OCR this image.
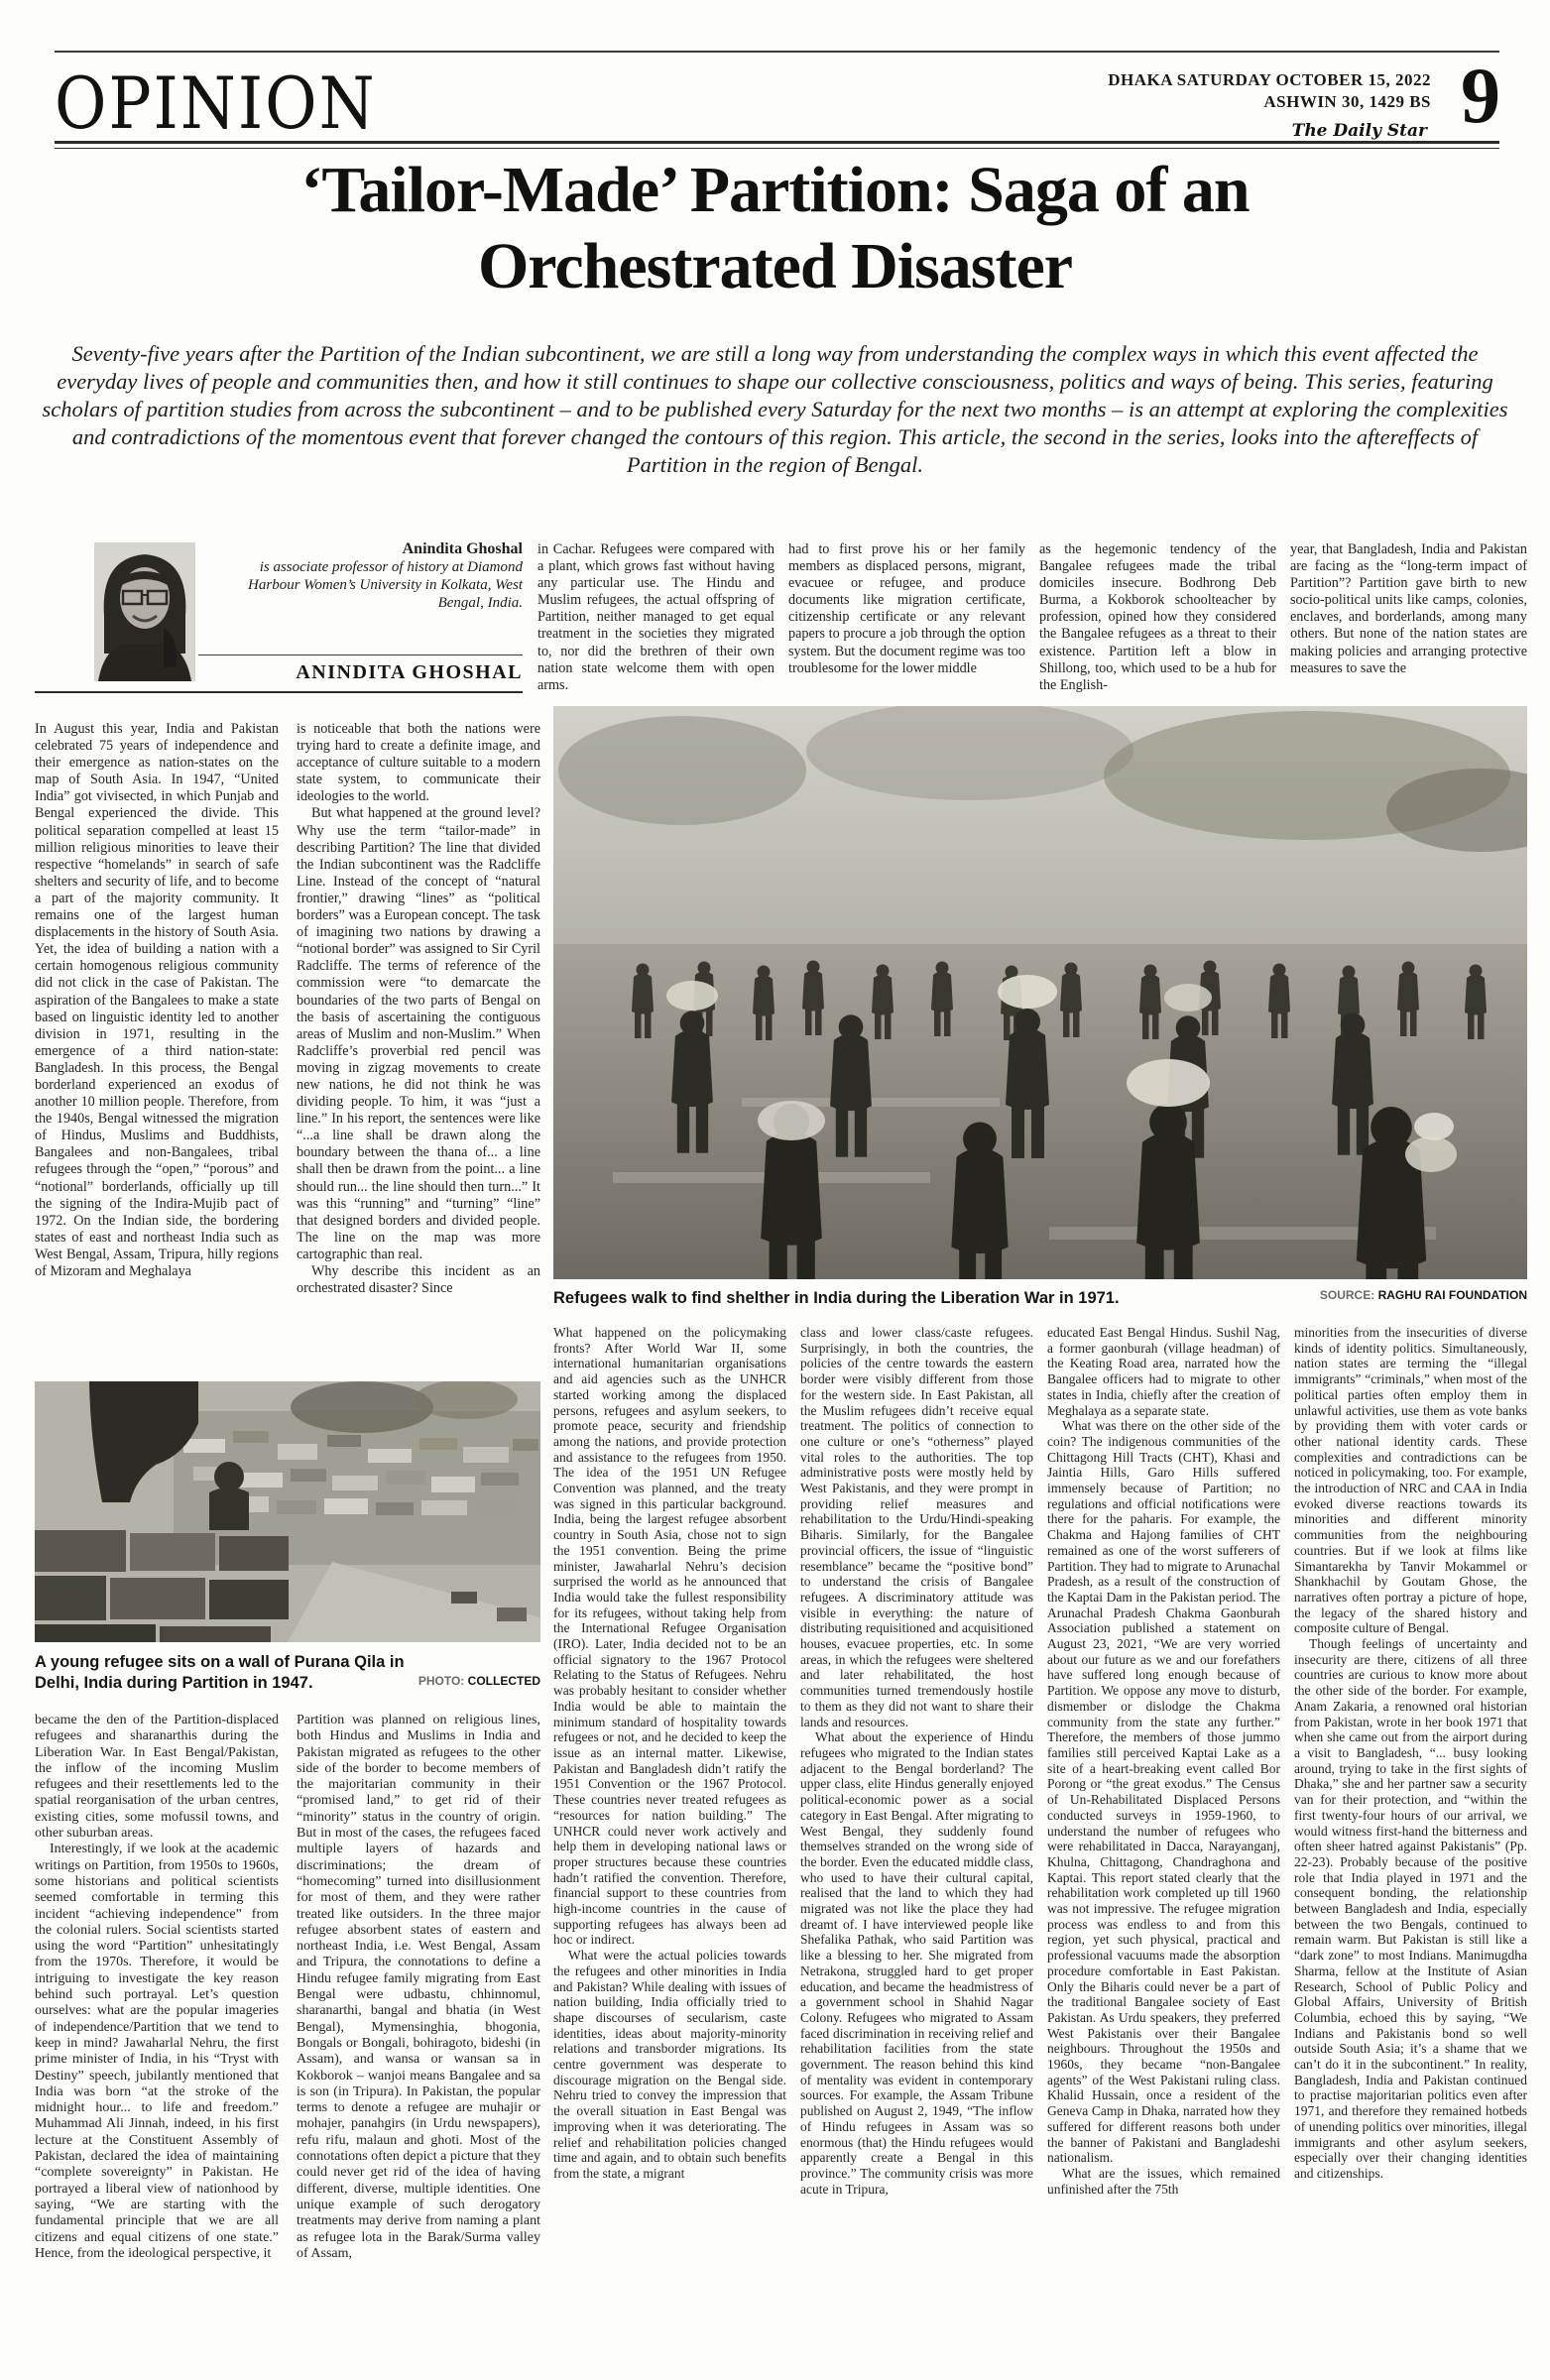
OPINION	DHAKA SATURDAY OCTOBER 15, 2022
ASHWIN 30, 1429 BS 9
The Daily Star
‘Tailor-Made’ Partition: Saga of an
Orchestrated Disaster
Seventy-five years after the Partition of the Indian subcontinent, we are still a long way from understanding the complex ways in which this event affected the everyday lives of people and communities then, and how it still continues to shape our collective consciousness, politics and ways of being. This series, featuring scholars of partition studies from across the subcontinent – and to be published every Saturday for the next two months – is an attempt at exploring the complexities and contradictions of the momentous event that forever changed the contours of this region. This article, the second in the series, looks into the aftereffects of Partition in the region of Bengal.
Anindita Ghoshal
is associate professor of history at Diamond Harbour Women’s University in Kolkata, West Bengal, India.
ANINDITA GHOSHAL

in Cachar. Refugees were compared with a plant, which grows fast without having any particular use. The Hindu and Muslim refugees, the actual offspring of Partition, neither managed to get equal treatment in the societies they migrated to, nor did the brethren of their own nation state welcome them with open arms.

had to first prove his or her family members as displaced persons, migrant, evacuee or refugee, and produce documents like migration certificate, citizenship certificate or any relevant papers to procure a job through the option system. But the document regime was too troublesome for the lower middle

as the hegemonic tendency of the Bangalee refugees made the tribal domiciles insecure. Bodhrong Deb Burma, a Kokborok schoolteacher by profession, opined how they considered the Bangalee refugees as a threat to their existence. Partition left a blow in Shillong, too, which used to be a hub for the English-

year, that Bangladesh, India and Pakistan are facing as the “long-term impact of Partition”? Partition gave birth to new socio-political units like camps, colonies, enclaves, and borderlands, among many others. But none of the nation states are making policies and arranging protective measures to save the

Refugees walk to find shelther in India during the Liberation War in 1971.	SOURCE: RAGHU RAI FOUNDATION

What happened on the policymaking fronts? After World War II, some international humanitarian organisations and aid agencies such as the UNHCR started working among the displaced persons, refugees and asylum seekers, to promote peace, security and friendship among the nations, and provide protection and assistance to the refugees from 1950. The idea of the 1951 UN Refugee Convention was planned, and the treaty was signed in this particular background. India, being the largest refugee absorbent country in South Asia, chose not to sign the 1951 convention. Being the prime minister, Jawaharlal Nehru’s decision surprised the world as he announced that India would take the fullest responsibility for its refugees, without taking help from the International Refugee Organisation (IRO). Later, India decided not to be an official signatory to the 1967 Protocol Relating to the Status of Refugees. Nehru was probably hesitant to consider whether India would be able to maintain the minimum standard of hospitality towards refugees or not, and he decided to keep the issue as an internal matter. Likewise, Pakistan and Bangladesh didn’t ratify the 1951 Convention or the 1967 Protocol. These countries never treated refugees as “resources for nation building.” The UNHCR could never work actively and help them in developing national laws or proper structures because these countries hadn’t ratified the convention. Therefore, financial support to these countries from high-income countries in the cause of supporting refugees has always been ad hoc or indirect.

What were the actual policies towards the refugees and other minorities in India and Pakistan? While dealing with issues of nation building, India officially tried to shape discourses of secularism, caste identities, ideas about majority-minority relations and transborder migrations. Its centre government was desperate to discourage migration on the Bengal side. Nehru tried to convey the impression that the overall situation in East Bengal was improving when it was deteriorating. The relief and rehabilitation policies changed time and again, and to obtain such benefits from the state, a migrant

class and lower class/caste refugees. Surprisingly, in both the countries, the policies of the centre towards the eastern border were visibly different from those for the western side. In East Pakistan, all the Muslim refugees didn’t receive equal treatment. The politics of connection to one culture or one’s “otherness” played vital roles to the authorities. The top administrative posts were mostly held by West Pakistanis, and they were prompt in providing relief measures and rehabilitation to the Urdu/Hindi-speaking Biharis. Similarly, for the Bangalee provincial officers, the issue of “linguistic resemblance” became the “positive bond” to understand the crisis of Bangalee refugees. A discriminatory attitude was visible in everything: the nature of distributing requisitioned and acquisitioned houses, evacuee properties, etc. In some areas, in which the refugees were sheltered and later rehabilitated, the host communities turned tremendously hostile to them as they did not want to share their lands and resources.

What about the experience of Hindu refugees who migrated to the Indian states adjacent to the Bengal borderland? The upper class, elite Hindus generally enjoyed political-economic power as a social category in East Bengal. After migrating to West Bengal, they suddenly found themselves stranded on the wrong side of the border. Even the educated middle class, who used to have their cultural capital, realised that the land to which they had migrated was not like the place they had dreamt of. I have interviewed people like Shefalika Pathak, who said Partition was like a blessing to her. She migrated from Netrakona, struggled hard to get proper education, and became the headmistress of a government school in Shahid Nagar Colony. Refugees who migrated to Assam faced discrimination in receiving relief and rehabilitation facilities from the state government. The reason behind this kind of mentality was evident in contemporary sources. For example, the Assam Tribune published on August 2, 1949, “The inflow of Hindu refugees in Assam was so enormous (that) the Hindu refugees would apparently create a Bengal in this province.” The community crisis was more acute in Tripura,

educated East Bengal Hindus. Sushil Nag, a former gaonburah (village headman) of the Keating Road area, narrated how the Bangalee officers had to migrate to other states in India, chiefly after the creation of Meghalaya as a separate state.

What was there on the other side of the coin? The indigenous communities of the Chittagong Hill Tracts (CHT), Khasi and Jaintia Hills, Garo Hills suffered immensely because of Partition; no regulations and official notifications were there for the paharis. For example, the Chakma and Hajong families of CHT remained as one of the worst sufferers of Partition. They had to migrate to Arunachal Pradesh, as a result of the construction of the Kaptai Dam in the Pakistan period. The Arunachal Pradesh Chakma Gaonburah Association published a statement on August 23, 2021, “We are very worried about our future as we and our forefathers have suffered long enough because of Partition. We oppose any move to disturb, dismember or dislodge the Chakma community from the state any further.” Therefore, the members of those jummo families still perceived Kaptai Lake as a site of a heart-breaking event called Bor Porong or “the great exodus.” The Census of Un-Rehabilitated Displaced Persons conducted surveys in 1959-1960, to understand the number of refugees who were rehabilitated in Dacca, Narayanganj, Khulna, Chittagong, Chandraghona and Kaptai. This report stated clearly that the rehabilitation work completed up till 1960 was not impressive. The refugee migration process was endless to and from this region, yet such physical, practical and professional vacuums made the absorption procedure comfortable in East Pakistan. Only the Biharis could never be a part of the traditional Bangalee society of East Pakistan. As Urdu speakers, they preferred West Pakistanis over their Bangalee neighbours. Throughout the 1950s and 1960s, they became “non-Bangalee agents” of the West Pakistani ruling class. Khalid Hussain, once a resident of the Geneva Camp in Dhaka, narrated how they suffered for different reasons both under the banner of Pakistani and Bangladeshi nationalism.

What are the issues, which remained unfinished after the 75th

minorities from the insecurities of diverse kinds of identity politics. Simultaneously, nation states are terming the “illegal immigrants” “criminals,” when most of the political parties often employ them in unlawful activities, use them as vote banks by providing them with voter cards or other national identity cards. These complexities and contradictions can be noticed in policymaking, too. For example, the introduction of NRC and CAA in India evoked diverse reactions towards its minorities and different minority communities from the neighbouring countries. But if we look at films like Simantarekha by Tanvir Mokammel or Shankhachil by Goutam Ghose, the narratives often portray a picture of hope, the legacy of the shared history and composite culture of Bengal.

Though feelings of uncertainty and insecurity are there, citizens of all three countries are curious to know more about the other side of the border. For example, Anam Zakaria, a renowned oral historian from Pakistan, wrote in her book 1971 that when she came out from the airport during a visit to Bangladesh, “... busy looking around, trying to take in the first sights of Dhaka,” she and her partner saw a security van for their protection, and “within the first twenty-four hours of our arrival, we would witness first-hand the bitterness and often sheer hatred against Pakistanis” (Pp. 22-23). Probably because of the positive role that India played in 1971 and the consequent bonding, the relationship between Bangladesh and India, especially between the two Bengals, continued to remain warm. But Pakistan is still like a “dark zone” to most Indians. Manimugdha Sharma, fellow at the Institute of Asian Research, School of Public Policy and Global Affairs, University of British Columbia, echoed this by saying, “We Indians and Pakistanis bond so well outside South Asia; it’s a shame that we can’t do it in the subcontinent.” In reality, Bangladesh, India and Pakistan continued to practise majoritarian politics even after 1971, and therefore they remained hotbeds of unending politics over minorities, illegal immigrants and other asylum seekers, especially over their changing identities and citizenships.

In August this year, India and Pakistan celebrated 75 years of independence and their emergence as nation-states on the map of South Asia. In 1947, “United India” got vivisected, in which Punjab and Bengal experienced the divide. This political separation compelled at least 15 million religious minorities to leave their respective “homelands” in search of safe shelters and security of life, and to become a part of the majority community. It remains one of the largest human displacements in the history of South Asia. Yet, the idea of building a nation with a certain homogenous religious community did not click in the case of Pakistan. The aspiration of the Bangalees to make a state based on linguistic identity led to another division in 1971, resulting in the emergence of a third nation-state: Bangladesh. In this process, the Bengal borderland experienced an exodus of another 10 million people. Therefore, from the 1940s, Bengal witnessed the migration of Hindus, Muslims and Buddhists, Bangalees and non-Bangalees, tribal refugees through the “open,” “porous” and “notional” borderlands, officially up till the signing of the Indira-Mujib pact of 1972. On the Indian side, the bordering states of east and northeast India such as West Bengal, Assam, Tripura, hilly regions of Mizoram and Meghalaya

is noticeable that both the nations were trying hard to create a definite image, and acceptance of culture suitable to a modern state system, to communicate their ideologies to the world.

But what happened at the ground level? Why use the term “tailor-made” in describing Partition? The line that divided the Indian subcontinent was the Radcliffe Line. Instead of the concept of “natural frontier,” drawing “lines” as “political borders” was a European concept. The task of imagining two nations by drawing a “notional border” was assigned to Sir Cyril Radcliffe. The terms of reference of the commission were “to demarcate the boundaries of the two parts of Bengal on the basis of ascertaining the contiguous areas of Muslim and non-Muslim.” When Radcliffe’s proverbial red pencil was moving in zigzag movements to create new nations, he did not think he was dividing people. To him, it was “just a line.” In his report, the sentences were like “...a line shall be drawn along the boundary between the thana of... a line shall then be drawn from the point... a line should run... the line should then turn...” It was this “running” and “turning” “line” that designed borders and divided people. The line on the map was more cartographic than real.

Why describe this incident as an orchestrated disaster? Since

A young refugee sits on a wall of Purana Qila in Delhi, India during Partition in 1947.	PHOTO: COLLECTED

became the den of the Partition-displaced refugees and sharanarthis during the Liberation War. In East Bengal/Pakistan, the inflow of the incoming Muslim refugees and their resettlements led to the spatial reorganisation of the urban centres, existing cities, some mofussil towns, and other suburban areas.

Interestingly, if we look at the academic writings on Partition, from 1950s to 1960s, some historians and political scientists seemed comfortable in terming this incident “achieving independence” from the colonial rulers. Social scientists started using the word “Partition” unhesitatingly from the 1970s. Therefore, it would be intriguing to investigate the key reason behind such portrayal. Let’s question ourselves: what are the popular imageries of independence/Partition that we tend to keep in mind? Jawaharlal Nehru, the first prime minister of India, in his “Tryst with Destiny” speech, jubilantly mentioned that India was born “at the stroke of the midnight hour... to life and freedom.” Muhammad Ali Jinnah, indeed, in his first lecture at the Constituent Assembly of Pakistan, declared the idea of maintaining “complete sovereignty” in Pakistan. He portrayed a liberal view of nationhood by saying, “We are starting with the fundamental principle that we are all citizens and equal citizens of one state.” Hence, from the ideological perspective, it

Partition was planned on religious lines, both Hindus and Muslims in India and Pakistan migrated as refugees to the other side of the border to become members of the majoritarian community in their “promised land,” to get rid of their “minority” status in the country of origin. But in most of the cases, the refugees faced multiple layers of hazards and discriminations; the dream of “homecoming” turned into disillusionment for most of them, and they were rather treated like outsiders. In the three major refugee absorbent states of eastern and northeast India, i.e. West Bengal, Assam and Tripura, the connotations to define a Hindu refugee family migrating from East Bengal were udbastu, chhinnomul, sharanarthi, bangal and bhatia (in West Bengal), Mymensinghia, bhogonia, Bongals or Bongali, bohiragoto, bideshi (in Assam), and wansa or wansan sa in Kokborok – wanjoi means Bangalee and sa is son (in Tripura). In Pakistan, the popular terms to denote a refugee are muhajir or mohajer, panahgirs (in Urdu newspapers), refu rifu, malaun and ghoti. Most of the connotations often depict a picture that they could never get rid of the idea of having different, diverse, multiple identities. One unique example of such derogatory treatments may derive from naming a plant as refugee lota in the Barak/Surma valley of Assam,
